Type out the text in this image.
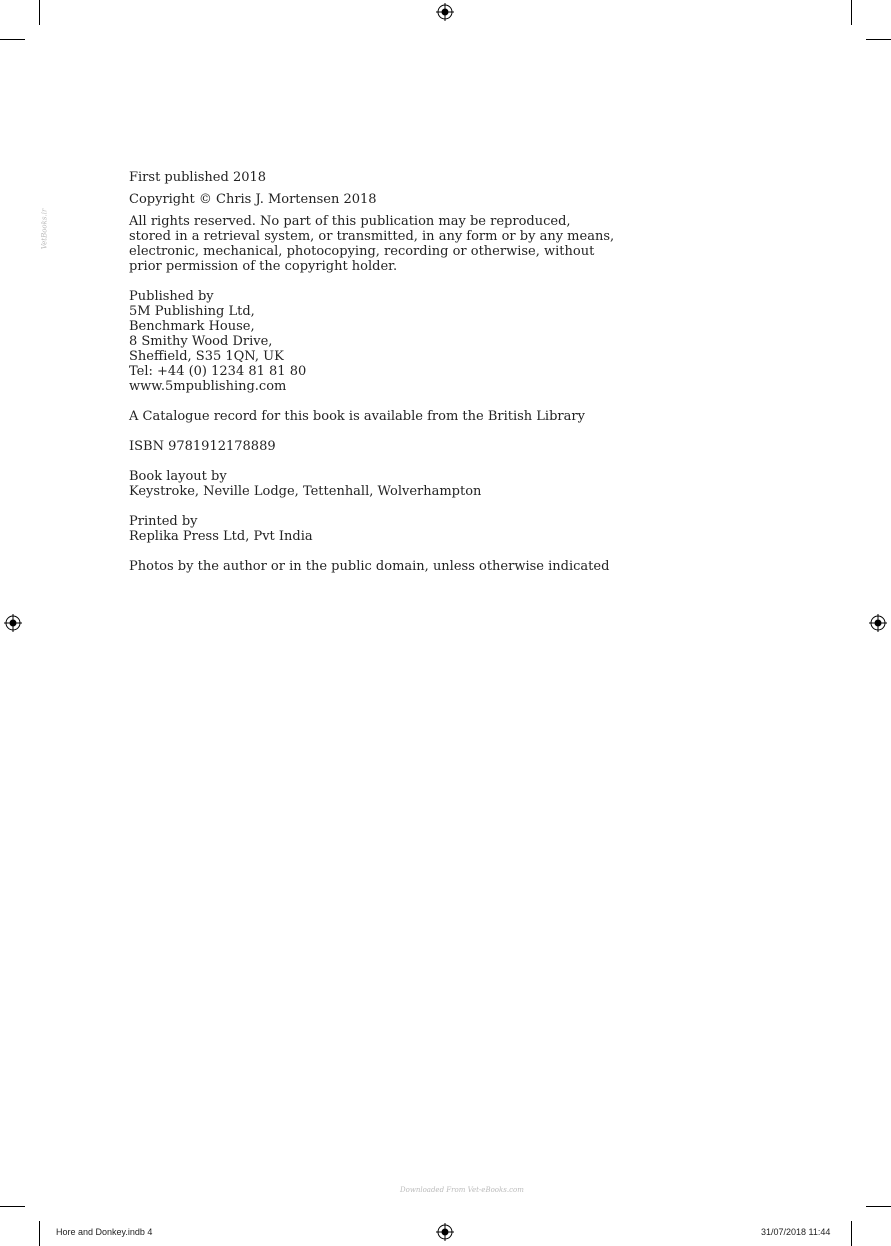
VetBooks.ir
First published 2018
Copyright © Chris J. Mortensen 2018
All rights reserved. No part of this publication may be reproduced,
stored in a retrieval system, or transmitted, in any form or by any means,
electronic, mechanical, photocopying, recording or otherwise, without
prior permission of the copyright holder.
Published by
5M Publishing Ltd,
Benchmark House,
8 Smithy Wood Drive,
Sheffield, S35 1QN, UK
Tel: +44 (0) 1234 81 81 80
www.5mpublishing.com
A Catalogue record for this book is available from the British Library
ISBN 9781912178889
Book layout by
Keystroke, Neville Lodge, Tettenhall, Wolverhampton
Printed by
Replika Press Ltd, Pvt India
Photos by the author or in the public domain, unless otherwise indicated
Downloaded From Vet-eBooks.com
Hore and Donkey.indb 4	31/07/2018 11:44
